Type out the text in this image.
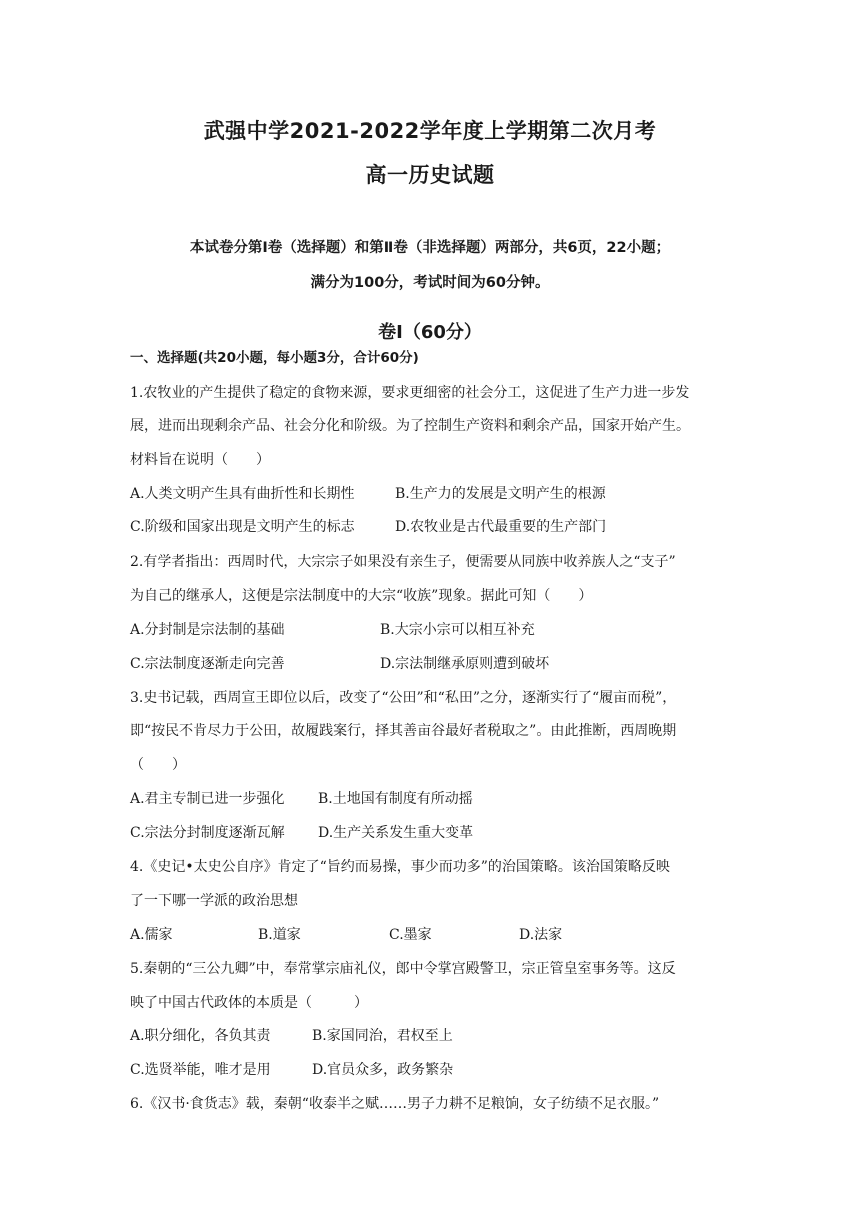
武强中学2021-2022学年度上学期第二次月考
高一历史试题
本试卷分第Ⅰ卷（选择题）和第Ⅱ卷（非选择题）两部分，共6页，22小题；
满分为100分，考试时间为60分钟。
卷Ⅰ（60分）
一、选择题(共20小题，每小题3分，合计60分)
1.农牧业的产生提供了稳定的食物来源，要求更细密的社会分工，这促进了生产力进一步发
展，进而出现剩余产品、社会分化和阶级。为了控制生产资料和剩余产品，国家开始产生。
材料旨在说明（　　）
A.人类文明产生具有曲折性和长期性	B.生产力的发展是文明产生的根源
C.阶级和国家出现是文明产生的标志	D.农牧业是古代最重要的生产部门
2.有学者指出：西周时代，大宗宗子如果没有亲生子，便需要从同族中收养族人之“支子”
为自己的继承人，这便是宗法制度中的大宗“收族”现象。据此可知（　　）
A.分封制是宗法制的基础	B.大宗小宗可以相互补充
C.宗法制度逐渐走向完善	D.宗法制继承原则遭到破坏
3.史书记载，西周宣王即位以后，改变了“公田”和“私田”之分，逐渐实行了“履亩而税”，
即“按民不肯尽力于公田，故履践案行，择其善亩谷最好者税取之”。由此推断，西周晚期
（　　）
A.君主专制已进一步强化 B.土地国有制度有所动摇
C.宗法分封制度逐渐瓦解 D.生产关系发生重大变革
4.《史记•太史公自序》肯定了“旨约而易操，事少而功多”的治国策略。该治国策略反映
了一下哪一学派的政治思想
A.儒家	B.道家	C.墨家	D.法家
5.秦朝的“三公九卿”中，奉常掌宗庙礼仪，郎中令掌宫殿警卫，宗正管皇室事务等。这反
映了中国古代政体的本质是（　　　）
A.职分细化，各负其责	B.家国同治，君权至上
C.选贤举能，唯才是用	D.官员众多，政务繁杂
6.《汉书·食货志》载，秦朝“收泰半之赋……男子力耕不足粮饷，女子纺绩不足衣服。”
